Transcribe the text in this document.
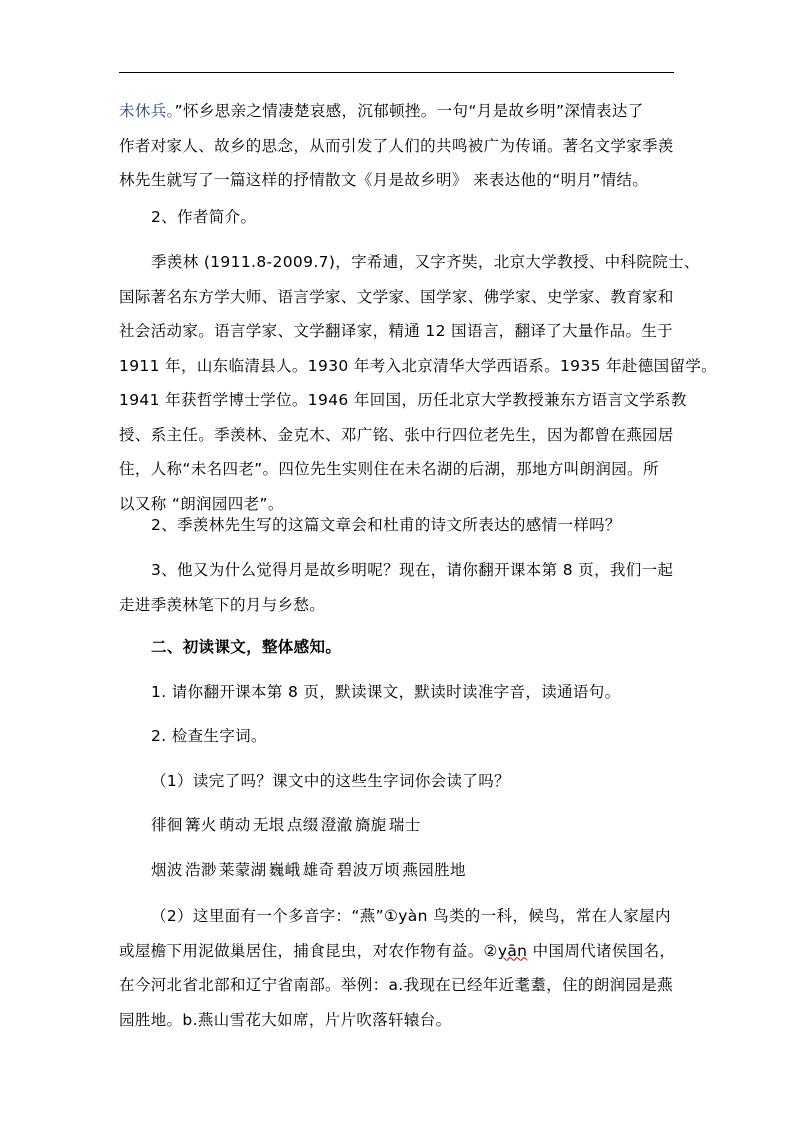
未休兵。”怀乡思亲之情凄楚哀感，沉郁顿挫。一句“月是故乡明”深情表达了
作者对家人、故乡的思念，从而引发了人们的共鸣被广为传诵。著名文学家季羡
林先生就写了一篇这样的抒情散文《月是故乡明》 来表达他的“明月”情结。

2、作者简介。

季羡林 (1911.8-2009.7)，字希逋，又字齐奘，北京大学教授、中科院院士、
国际著名东方学大师、语言学家、文学家、国学家、佛学家、史学家、教育家和
社会活动家。语言学家、文学翻译家，精通 12 国语言，翻译了大量作品。生于
1911 年，山东临清县人。1930 年考入北京清华大学西语系。1935 年赴德国留学。
1941 年获哲学博士学位。1946 年回国，历任北京大学教授兼东方语言文学系教
授、系主任。季羡林、金克木、邓广铭、张中行四位老先生，因为都曾在燕园居
住，人称“未名四老”。四位先生实则住在未名湖的后湖，那地方叫朗润园。所
以又称 “朗润园四老”。

2、季羡林先生写的这篇文章会和杜甫的诗文所表达的感情一样吗？

3、他又为什么觉得月是故乡明呢？现在，请你翻开课本第 8 页，我们一起
走进季羡林笔下的月与乡愁。

二、初读课文，整体感知。

1. 请你翻开课本第 8 页，默读课文，默读时读准字音，读通语句。

2. 检查生字词。

（1）读完了吗？课文中的这些生字词你会读了吗？

徘徊 篝火 萌动 无垠 点缀 澄澈 旖旎 瑞士

烟波 浩渺 莱蒙湖 巍峨 雄奇 碧波万顷 燕园胜地

（2）这里面有一个多音字：“燕”①yàn 鸟类的一科，候鸟，常在人家屋内
或屋檐下用泥做巢居住，捕食昆虫，对农作物有益。②yān 中国周代诸侯国名，
在今河北省北部和辽宁省南部。举例：a.我现在已经年近耄耋，住的朗润园是燕
园胜地。b.燕山雪花大如席，片片吹落轩辕台。
